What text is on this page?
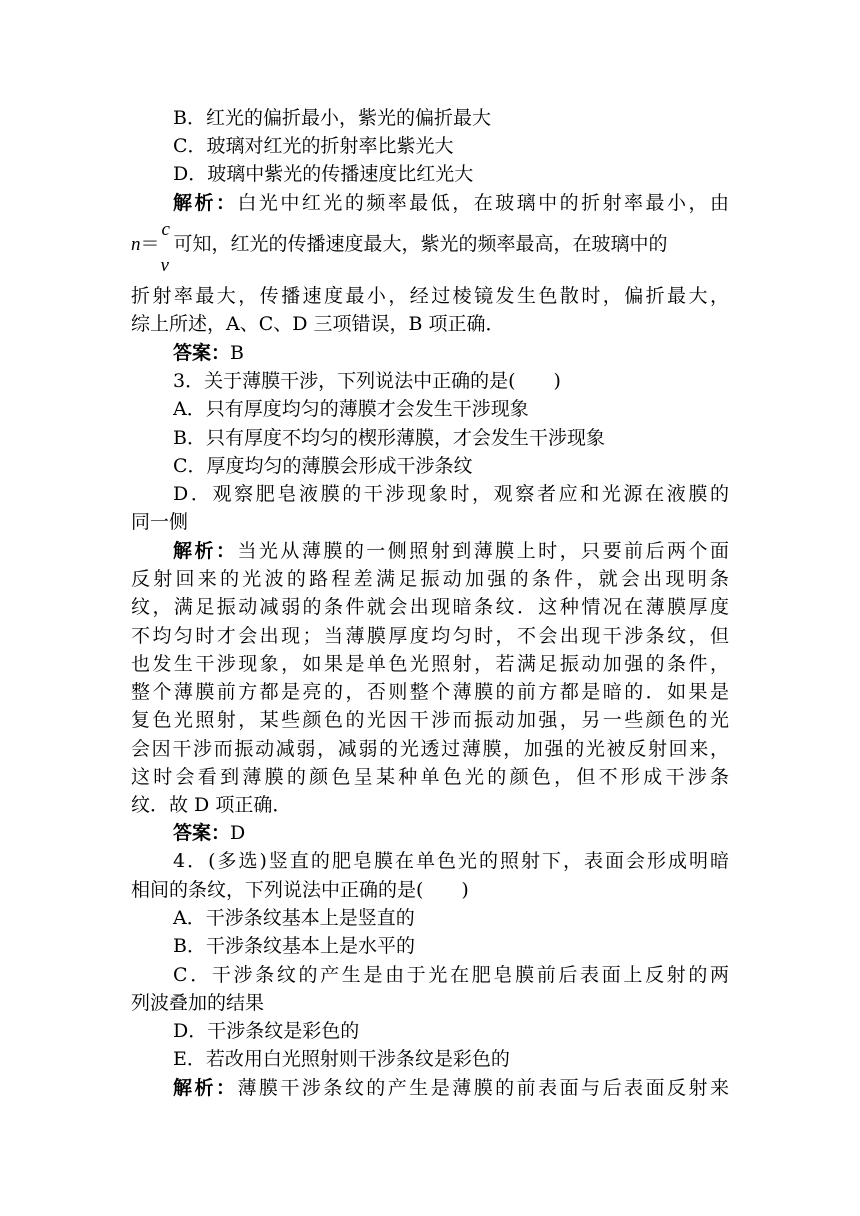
B．红光的偏折最小，紫光的偏折最大
C．玻璃对红光的折射率比紫光大
D．玻璃中紫光的传播速度比红光大
解析：白光中红光的频率最低，在玻璃中的折射率最小，由
n＝
c
v
可知，红光的传播速度最大，紫光的频率最高，在玻璃中的
折射率最大，传播速度最小，经过棱镜发生色散时，偏折最大，
综上所述，A、C、D 三项错误，B 项正确．
答案：B
3．关于薄膜干涉，下列说法中正确的是(　　)
A．只有厚度均匀的薄膜才会发生干涉现象
B．只有厚度不均匀的楔形薄膜，才会发生干涉现象
C．厚度均匀的薄膜会形成干涉条纹
D．观察肥皂液膜的干涉现象时，观察者应和光源在液膜的
同一侧
解析：当光从薄膜的一侧照射到薄膜上时，只要前后两个面
反射回来的光波的路程差满足振动加强的条件，就会出现明条
纹，满足振动减弱的条件就会出现暗条纹．这种情况在薄膜厚度
不均匀时才会出现；当薄膜厚度均匀时，不会出现干涉条纹，但
也发生干涉现象，如果是单色光照射，若满足振动加强的条件，
整个薄膜前方都是亮的，否则整个薄膜的前方都是暗的．如果是
复色光照射，某些颜色的光因干涉而振动加强，另一些颜色的光
会因干涉而振动减弱，减弱的光透过薄膜，加强的光被反射回来，
这时会看到薄膜的颜色呈某种单色光的颜色，但不形成干涉条
纹．故 D 项正确．
答案：D
4．(多选)竖直的肥皂膜在单色光的照射下，表面会形成明暗
相间的条纹，下列说法中正确的是(　　)
A．干涉条纹基本上是竖直的
B．干涉条纹基本上是水平的
C．干涉条纹的产生是由于光在肥皂膜前后表面上反射的两
列波叠加的结果
D．干涉条纹是彩色的
E．若改用白光照射则干涉条纹是彩色的
解析：薄膜干涉条纹的产生是薄膜的前表面与后表面反射来
